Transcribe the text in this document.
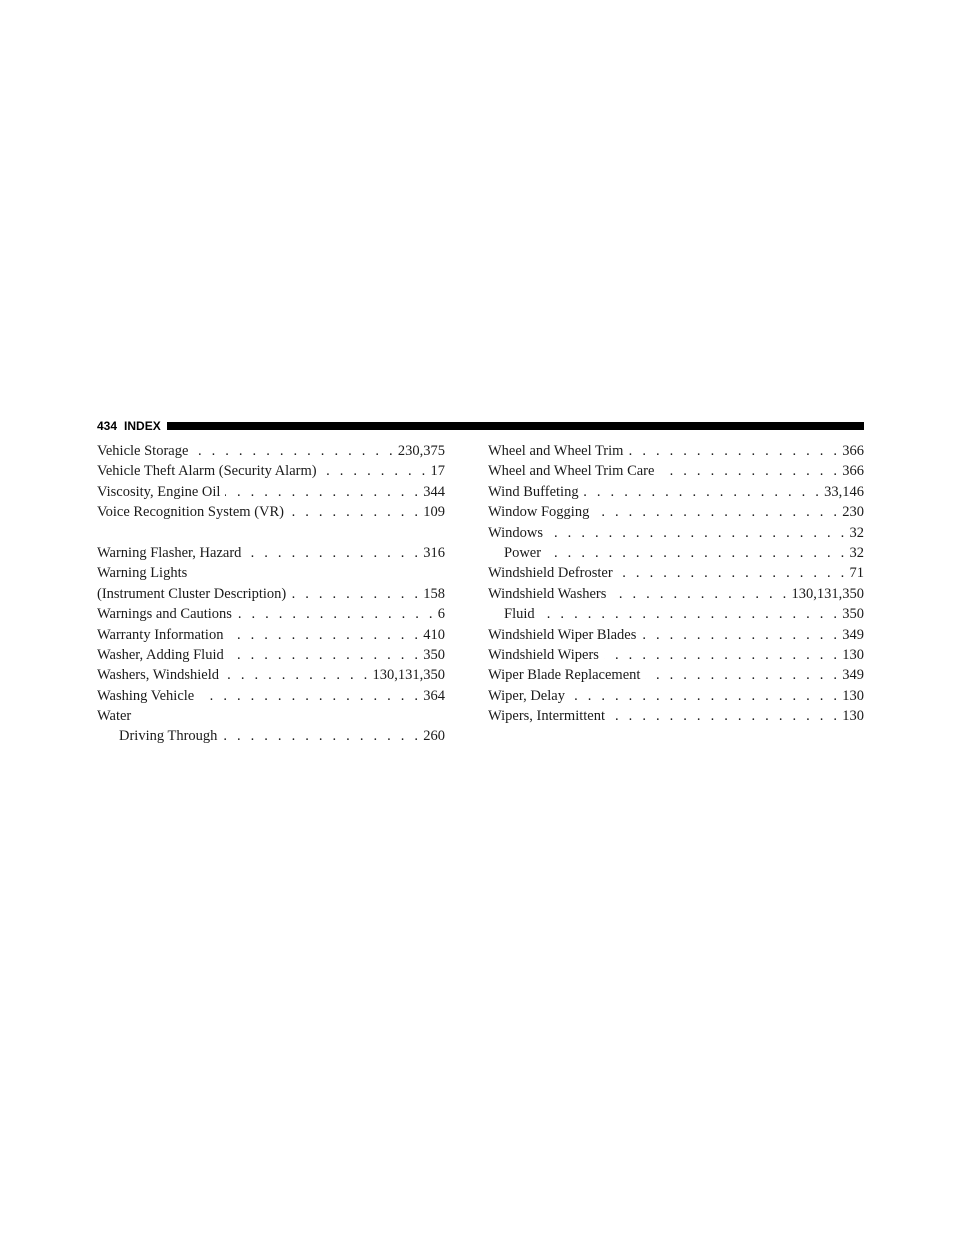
434 INDEX
Vehicle Storage . . .	230,375
Vehicle Theft Alarm (Security Alarm) . . .	17
Viscosity, Engine Oil . . .	344
Voice Recognition System (VR) . . .	109
Warning Flasher, Hazard . . .	316
Warning Lights
(Instrument Cluster Description) . . .	158
Warnings and Cautions . . .	6
Warranty Information . . .	410
Washer, Adding Fluid . . .	350
Washers, Windshield . . .	130,131,350
Washing Vehicle . . .	364
Water
Driving Through . . .	260
Wheel and Wheel Trim . . .	366
Wheel and Wheel Trim Care . . .	366
Wind Buffeting . . .	33,146
Window Fogging . . .	230
Windows . . .	32
Power . . .	32
Windshield Defroster . . .	71
Windshield Washers . . .	130,131,350
Fluid . . .	350
Windshield Wiper Blades . . .	349
Windshield Wipers . . .	130
Wiper Blade Replacement . . .	349
Wiper, Delay . . .	130
Wipers, Intermittent . . .	130
